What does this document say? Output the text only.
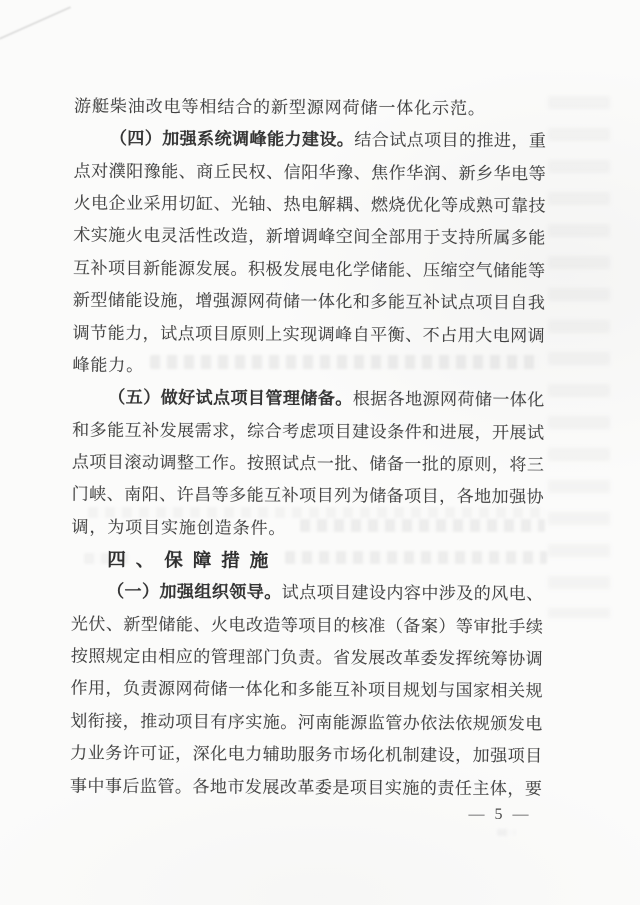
游艇柴油改电等相结合的新型源网荷储一体化示范。
（四）加强系统调峰能力建设。结合试点项目的推进，重
点对濮阳豫能、商丘民权、信阳华豫、焦作华润、新乡华电等
火电企业采用切缸、光轴、热电解耦、燃烧优化等成熟可靠技
术实施火电灵活性改造，新增调峰空间全部用于支持所属多能
互补项目新能源发展。积极发展电化学储能、压缩空气储能等
新型储能设施，增强源网荷储一体化和多能互补试点项目自我
调节能力，试点项目原则上实现调峰自平衡、不占用大电网调
峰能力。
（五）做好试点项目管理储备。根据各地源网荷储一体化
和多能互补发展需求，综合考虑项目建设条件和进展，开展试
点项目滚动调整工作。按照试点一批、储备一批的原则，将三
门峡、南阳、许昌等多能互补项目列为储备项目，各地加强协
调，为项目实施创造条件。
四、保障措施
（一）加强组织领导。试点项目建设内容中涉及的风电、
光伏、新型储能、火电改造等项目的核准（备案）等审批手续
按照规定由相应的管理部门负责。省发展改革委发挥统筹协调
作用，负责源网荷储一体化和多能互补项目规划与国家相关规
划衔接，推动项目有序实施。河南能源监管办依法依规颁发电
力业务许可证，深化电力辅助服务市场化机制建设，加强项目
事中事后监管。各地市发展改革委是项目实施的责任主体，要
— 5 —
